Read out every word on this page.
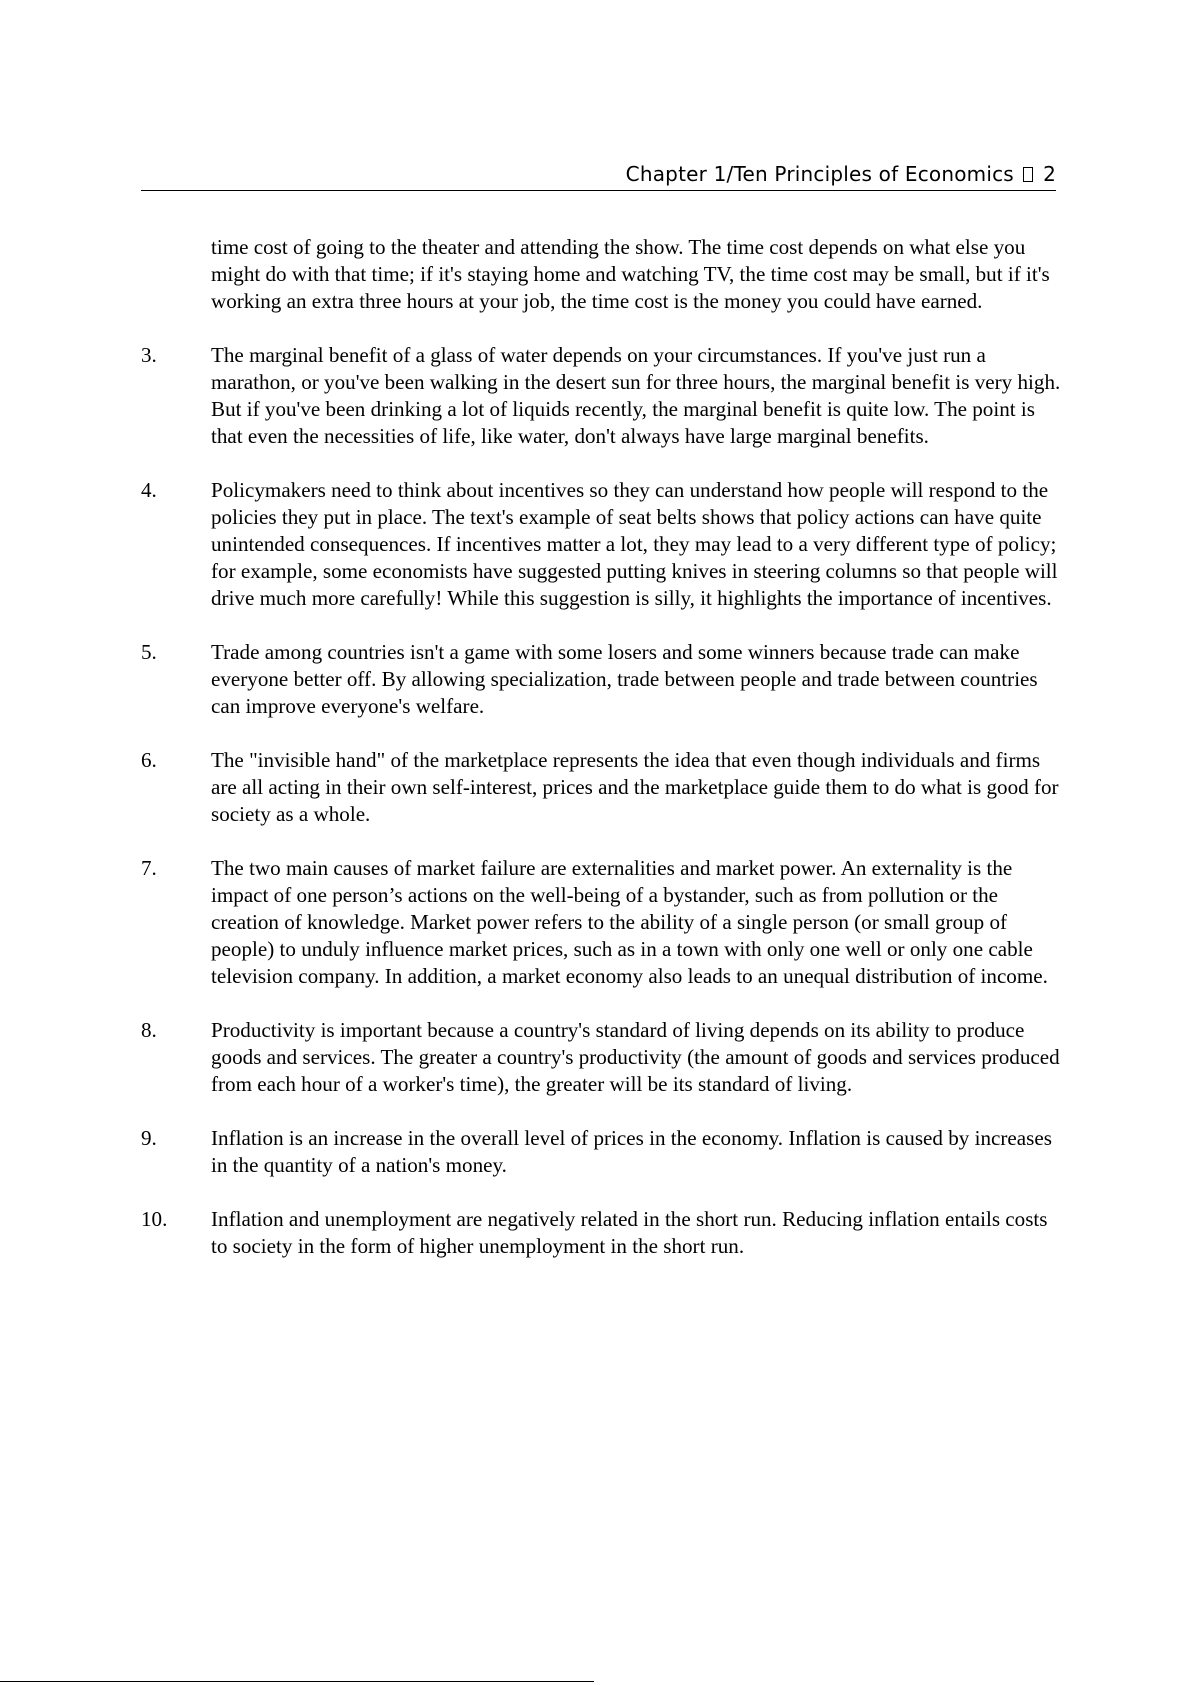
Chapter 1/Ten Principles of Economics 2

time cost of going to the theater and attending the show. The time cost depends on what else you might do with that time; if it's staying home and watching TV, the time cost may be small, but if it's working an extra three hours at your job, the time cost is the money you could have earned.

3.	The marginal benefit of a glass of water depends on your circumstances. If you've just run a marathon, or you've been walking in the desert sun for three hours, the marginal benefit is very high. But if you've been drinking a lot of liquids recently, the marginal benefit is quite low. The point is that even the necessities of life, like water, don't always have large marginal benefits.
4.	Policymakers need to think about incentives so they can understand how people will respond to the policies they put in place. The text's example of seat belts shows that policy actions can have quite unintended consequences. If incentives matter a lot, they may lead to a very different type of policy; for example, some economists have suggested putting knives in steering columns so that people will drive much more carefully! While this suggestion is silly, it highlights the importance of incentives.
5.	Trade among countries isn't a game with some losers and some winners because trade can make everyone better off. By allowing specialization, trade between people and trade between countries can improve everyone's welfare.
6.	The "invisible hand" of the marketplace represents the idea that even though individuals and firms are all acting in their own self-interest, prices and the marketplace guide them to do what is good for society as a whole.
7.	The two main causes of market failure are externalities and market power. An externality is the impact of one person’s actions on the well-being of a bystander, such as from pollution or the creation of knowledge. Market power refers to the ability of a single person (or small group of people) to unduly influence market prices, such as in a town with only one well or only one cable television company. In addition, a market economy also leads to an unequal distribution of income.
8.	Productivity is important because a country's standard of living depends on its ability to produce goods and services. The greater a country's productivity (the amount of goods and services produced from each hour of a worker's time), the greater will be its standard of living.
9.	Inflation is an increase in the overall level of prices in the economy. Inflation is caused by increases in the quantity of a nation's money.
10.	Inflation and unemployment are negatively related in the short run. Reducing inflation entails costs to society in the form of higher unemployment in the short run.
